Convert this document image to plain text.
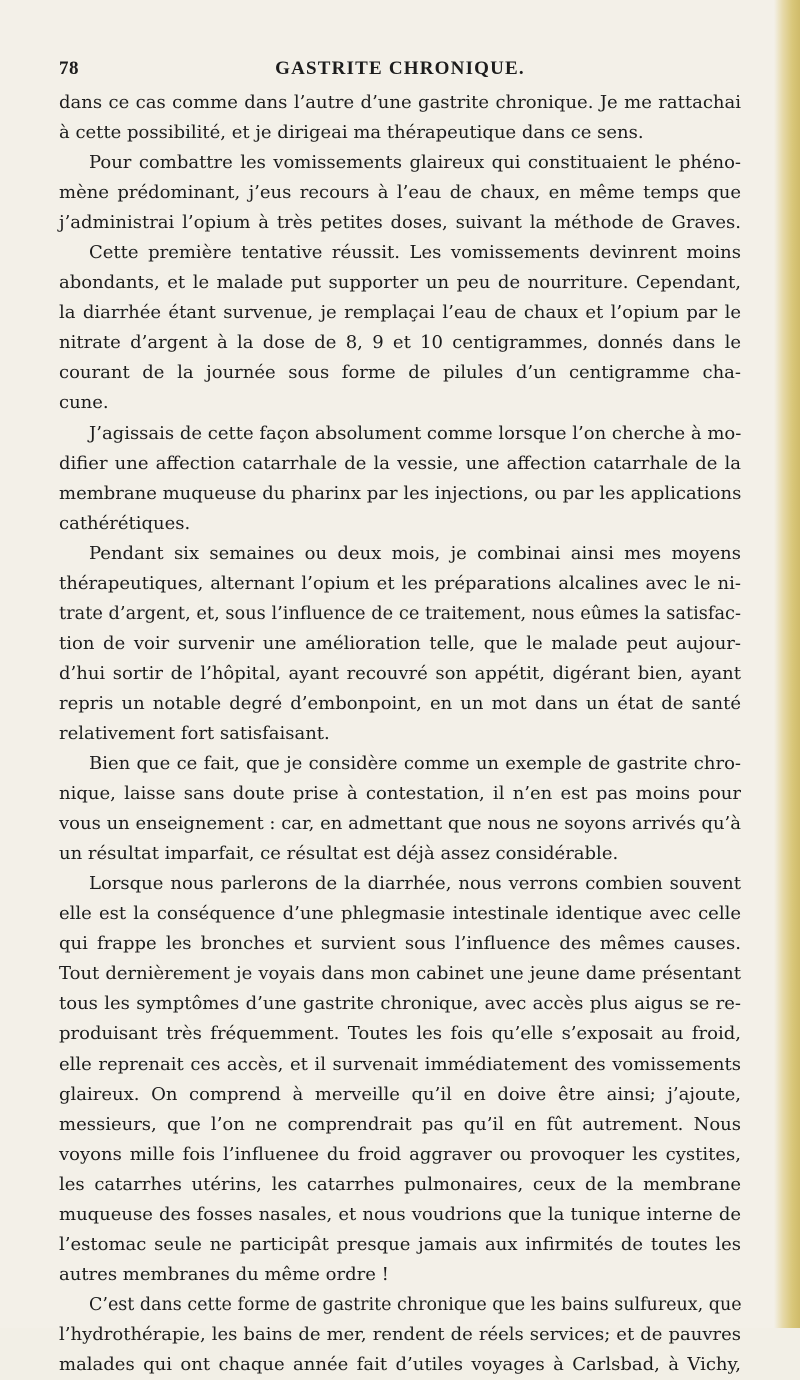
78	GASTRITE CHRONIQUE.
dans ce cas comme dans l’autre d’une gastrite chronique. Je me rattachai
à cette possibilité, et je dirigeai ma thérapeutique dans ce sens.
Pour combattre les vomissements glaireux qui constituaient le phéno-
mène prédominant, j’eus recours à l’eau de chaux, en même temps que
j’administrai l’opium à très petites doses, suivant la méthode de Graves.
Cette première tentative réussit. Les vomissements devinrent moins
abondants, et le malade put supporter un peu de nourriture. Cependant,
la diarrhée étant survenue, je remplaçai l’eau de chaux et l’opium par le
nitrate d’argent à la dose de 8, 9 et 10 centigrammes, donnés dans le
courant de la journée sous forme de pilules d’un centigramme cha-
cune.
J’agissais de cette façon absolument comme lorsque l’on cherche à mo-
difier une affection catarrhale de la vessie, une affection catarrhale de la
membrane muqueuse du pharinx par les injections, ou par les applications
cathérétiques.
Pendant six semaines ou deux mois, je combinai ainsi mes moyens
thérapeutiques, alternant l’opium et les préparations alcalines avec le ni-
trate d’argent, et, sous l’influence de ce traitement, nous eûmes la satisfac-
tion de voir survenir une amélioration telle, que le malade peut aujour-
d’hui sortir de l’hôpital, ayant recouvré son appétit, digérant bien, ayant
repris un notable degré d’embonpoint, en un mot dans un état de santé
relativement fort satisfaisant.
Bien que ce fait, que je considère comme un exemple de gastrite chro-
nique, laisse sans doute prise à contestation, il n’en est pas moins pour
vous un enseignement : car, en admettant que nous ne soyons arrivés qu’à
un résultat imparfait, ce résultat est déjà assez considérable.
Lorsque nous parlerons de la diarrhée, nous verrons combien souvent
elle est la conséquence d’une phlegmasie intestinale identique avec celle
qui frappe les bronches et survient sous l’influence des mêmes causes.
Tout dernièrement je voyais dans mon cabinet une jeune dame présentant
tous les symptômes d’une gastrite chronique, avec accès plus aigus se re-
produisant très fréquemment. Toutes les fois qu’elle s’exposait au froid,
elle reprenait ces accès, et il survenait immédiatement des vomissements
glaireux. On comprend à merveille qu’il en doive être ainsi; j’ajoute,
messieurs, que l’on ne comprendrait pas qu’il en fût autrement. Nous
voyons mille fois l’influenee du froid aggraver ou provoquer les cystites,
les catarrhes utérins, les catarrhes pulmonaires, ceux de la membrane
muqueuse des fosses nasales, et nous voudrions que la tunique interne de
l’estomac seule ne participât presque jamais aux infirmités de toutes les
autres membranes du même ordre !
C’est dans cette forme de gastrite chronique que les bains sulfureux, que
l’hydrothérapie, les bains de mer, rendent de réels services; et de pauvres
malades qui ont chaque année fait d’utiles voyages à Carlsbad, à Vichy,
